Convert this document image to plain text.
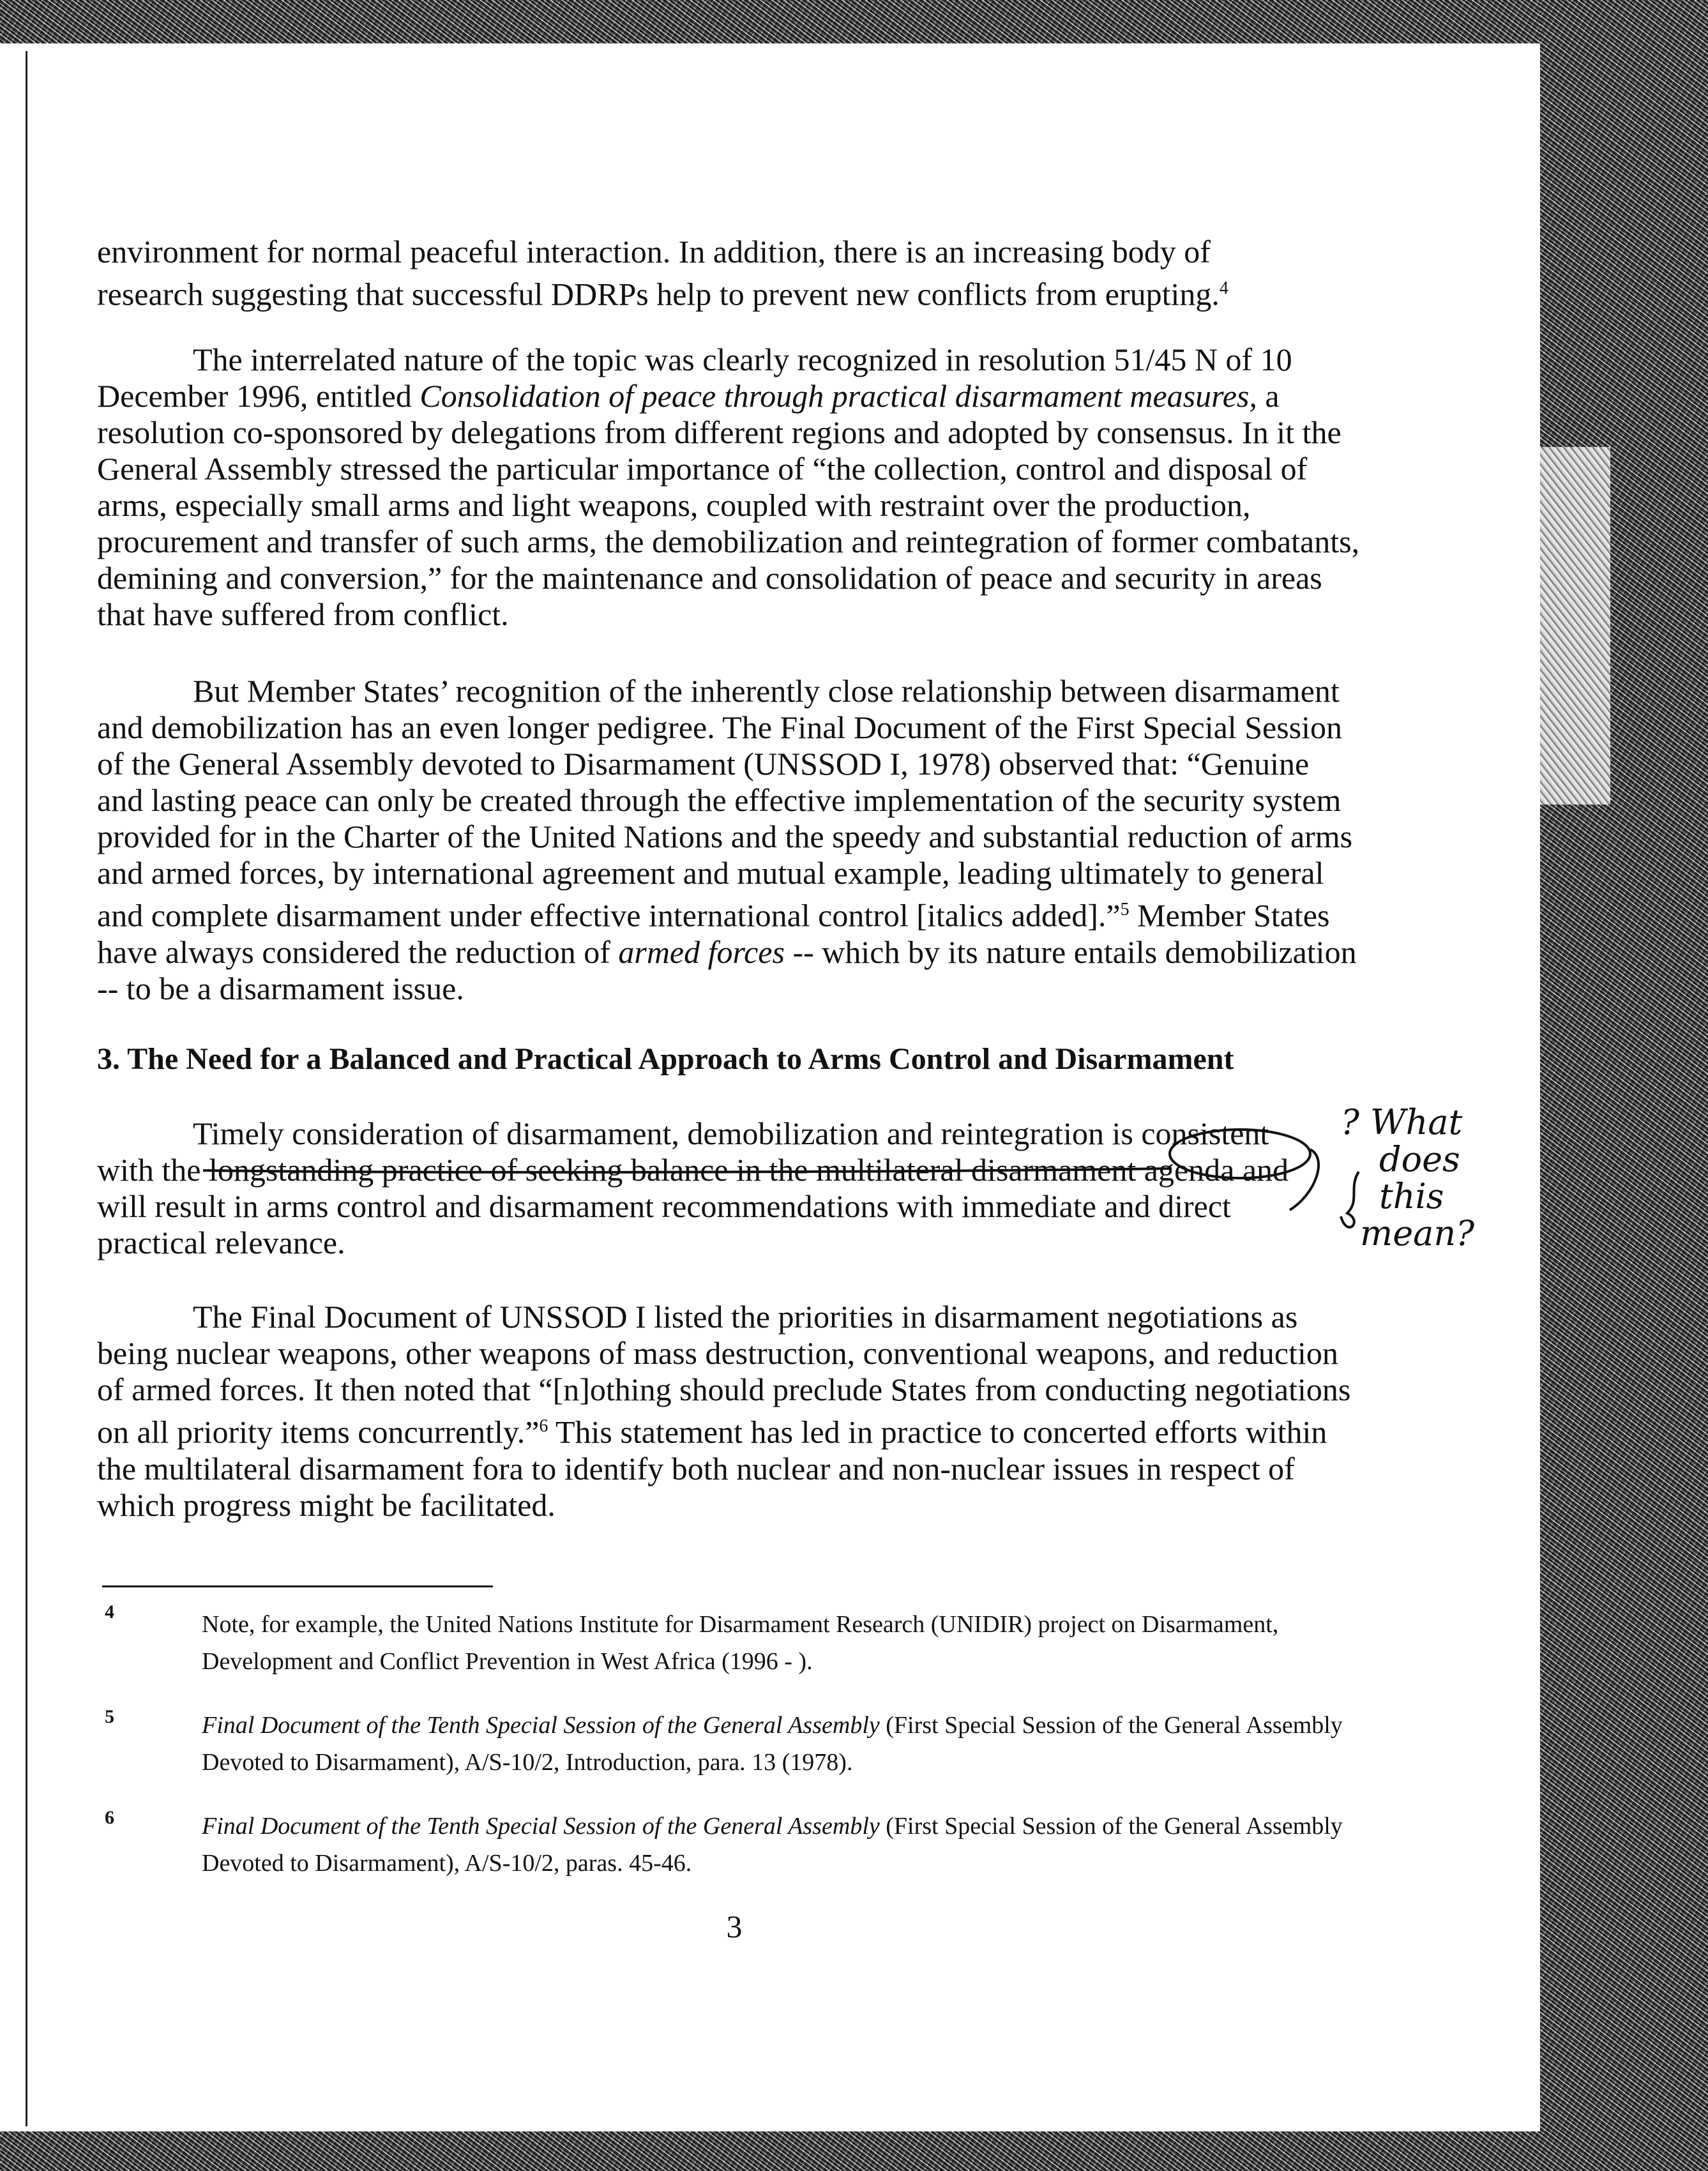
environment for normal peaceful interaction. In addition, there is an increasing body of

research suggesting that successful DDRPs help to prevent new conflicts from erupting.$^4$

The interrelated nature of the topic was clearly recognized in resolution 51/45 N of 10 December 1996, entitled Consolidation of peace through practical disarmament measures, a resolution co-sponsored by delegations from different regions and adopted by consensus. In it the General Assembly stressed the particular importance of “the collection, control and disposal of arms, especially small arms and light weapons, coupled with restraint over the production, procurement and transfer of such arms, the demobilization and reintegration of former combatants, demining and conversion,” for the maintenance and consolidation of peace and security in areas that have suffered from conflict.
But Member States’ recognition of the inherently close relationship between disarmament and demobilization has an even longer pedigree. The Final Document of the First Special Session of the General Assembly devoted to Disarmament (UNSSOD I, 1978) observed that: “Genuine and lasting peace can only be created through the effective implementation of the security system provided for in the Charter of the United Nations and the speedy and substantial reduction of arms and armed forces, by international agreement and mutual example, leading ultimately to general and complete disarmament under effective international control [italics added].”$^5$ Member States have always considered the reduction of armed forces -- which by its nature entails demobilization -- to be a disarmament issue.
3. The Need for a Balanced and Practical Approach to Arms Control and Disarmament

Timely consideration of disarmament, demobilization and reintegration is consistent

with the longstanding practice of seeking balance in the multilateral disarmament agenda and

will result in arms control and disarmament recommendations with immediate and direct

practical relevance.

The Final Document of UNSSOD I listed the priorities in disarmament negotiations as being nuclear weapons, other weapons of mass destruction, conventional weapons, and reduction of armed forces. It then noted that “[n]othing should preclude States from conducting negotiations on all priority items concurrently.”$^6$ This statement has led in practice to concerted efforts within the multilateral disarmament fora to identify both nuclear and non-nuclear issues in respect of which progress might be facilitated.
4	Note, for example, the United Nations Institute for Disarmament Research (UNIDIR) project on Disarmament, Development and Conflict Prevention in West Africa (1996 - ).
5	Final Document of the Tenth Special Session of the General Assembly (First Special Session of the General Assembly Devoted to Disarmament), A/S-10/2, Introduction, para. 13 (1978).
6	Final Document of the Tenth Special Session of the General Assembly (First Special Session of the General Assembly Devoted to Disarmament), A/S-10/2, paras. 45-46.
3
? What
does
this
mean?
